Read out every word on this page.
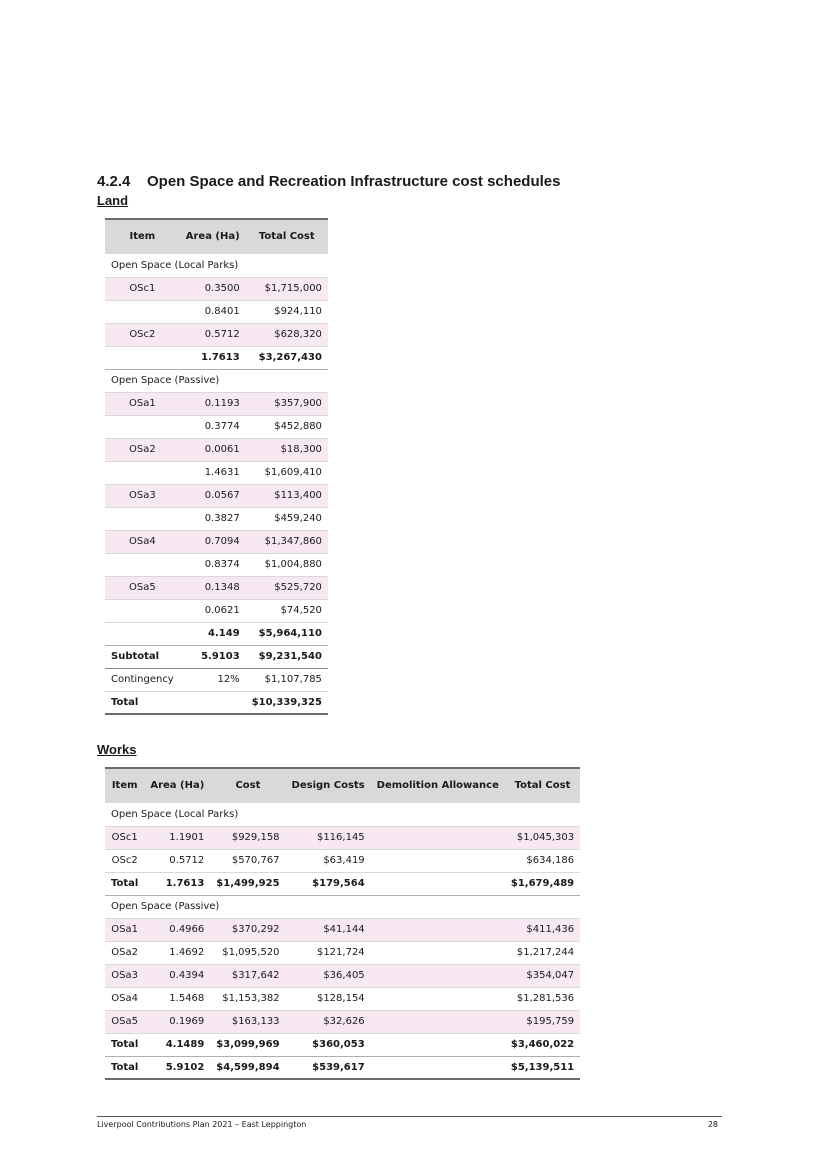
4.2.4 Open Space and Recreation Infrastructure cost schedules
Land
Item	Area (Ha)	Total Cost
Open Space (Local Parks)		
OSc1	0.3500	$1,715,000
	0.8401	$924,110
OSc2	0.5712	$628,320
	1.7613	$3,267,430
Open Space (Passive)		
OSa1	0.1193	$357,900
	0.3774	$452,880
OSa2	0.0061	$18,300
	1.4631	$1,609,410
OSa3	0.0567	$113,400
	0.3827	$459,240
OSa4	0.7094	$1,347,860
	0.8374	$1,004,880
OSa5	0.1348	$525,720
	0.0621	$74,520
	4.149	$5,964,110
Subtotal	5.9103	$9,231,540
Contingency	12%	$1,107,785
Total		$10,339,325
Works
Item	Area (Ha)	Cost	Design Costs	Demolition Allowance	Total Cost
Open Space (Local Parks)					
OSc1	1.1901	$929,158	$116,145		$1,045,303
OSc2	0.5712	$570,767	$63,419		$634,186
Total	1.7613	$1,499,925	$179,564		$1,679,489
Open Space (Passive)					
OSa1	0.4966	$370,292	$41,144		$411,436
OSa2	1.4692	$1,095,520	$121,724		$1,217,244
OSa3	0.4394	$317,642	$36,405		$354,047
OSa4	1.5468	$1,153,382	$128,154		$1,281,536
OSa5	0.1969	$163,133	$32,626		$195,759
Total	4.1489	$3,099,969	$360,053		$3,460,022
Total	5.9102	$4,599,894	$539,617		$5,139,511
Liverpool Contributions Plan 2021 – East Leppington	28
